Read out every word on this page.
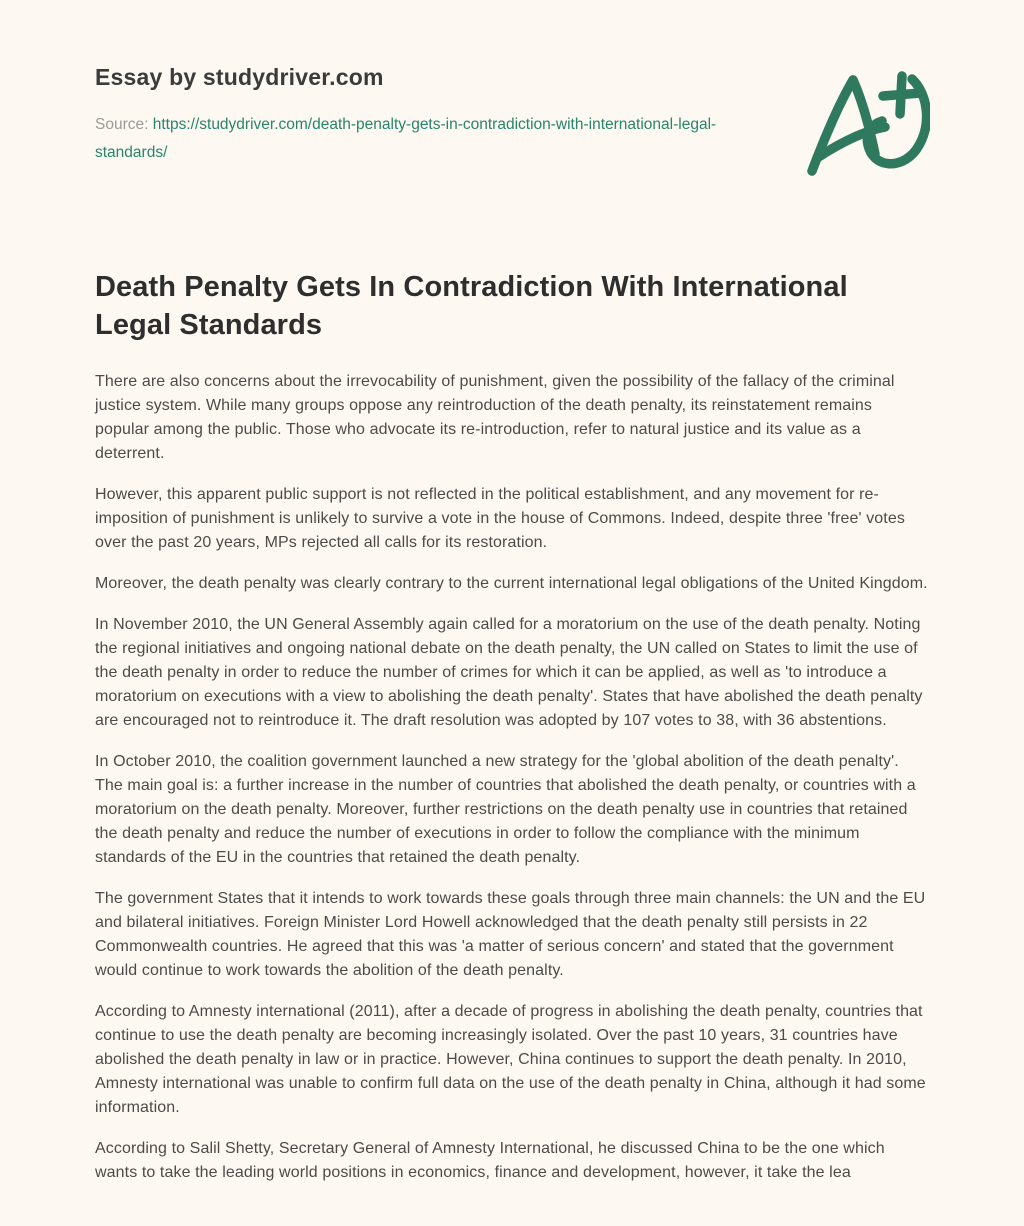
Essay by studydriver.com
Source: https://studydriver.com/death-penalty-gets-in-contradiction-with-international-legal-standards/
Death Penalty Gets In Contradiction With International Legal Standards

There are also concerns about the irrevocability of punishment, given the possibility of the fallacy of the criminal justice system. While many groups oppose any reintroduction of the death penalty, its reinstatement remains popular among the public. Those who advocate its re-introduction, refer to natural justice and its value as a deterrent.

However, this apparent public support is not reflected in the political establishment, and any movement for re-imposition of punishment is unlikely to survive a vote in the house of Commons. Indeed, despite three 'free' votes over the past 20 years, MPs rejected all calls for its restoration.

Moreover, the death penalty was clearly contrary to the current international legal obligations of the United Kingdom.

In November 2010, the UN General Assembly again called for a moratorium on the use of the death penalty. Noting the regional initiatives and ongoing national debate on the death penalty, the UN called on States to limit the use of the death penalty in order to reduce the number of crimes for which it can be applied, as well as 'to introduce a moratorium on executions with a view to abolishing the death penalty'. States that have abolished the death penalty are encouraged not to reintroduce it. The draft resolution was adopted by 107 votes to 38, with 36 abstentions.

In October 2010, the coalition government launched a new strategy for the 'global abolition of the death penalty'. The main goal is: a further increase in the number of countries that abolished the death penalty, or countries with a moratorium on the death penalty. Moreover, further restrictions on the death penalty use in countries that retained the death penalty and reduce the number of executions in order to follow the compliance with the minimum standards of the EU in the countries that retained the death penalty.

The government States that it intends to work towards these goals through three main channels: the UN and the EU and bilateral initiatives. Foreign Minister Lord Howell acknowledged that the death penalty still persists in 22 Commonwealth countries. He agreed that this was 'a matter of serious concern' and stated that the government would continue to work towards the abolition of the death penalty.

According to Amnesty international (2011), after a decade of progress in abolishing the death penalty, countries that continue to use the death penalty are becoming increasingly isolated. Over the past 10 years, 31 countries have abolished the death penalty in law or in practice. However, China continues to support the death penalty. In 2010, Amnesty international was unable to confirm full data on the use of the death penalty in China, although it had some information.

According to Salil Shetty, Secretary General of Amnesty International, he discussed China to be the one which wants to take the leading world positions in economics, finance and development, however, it take the lea
